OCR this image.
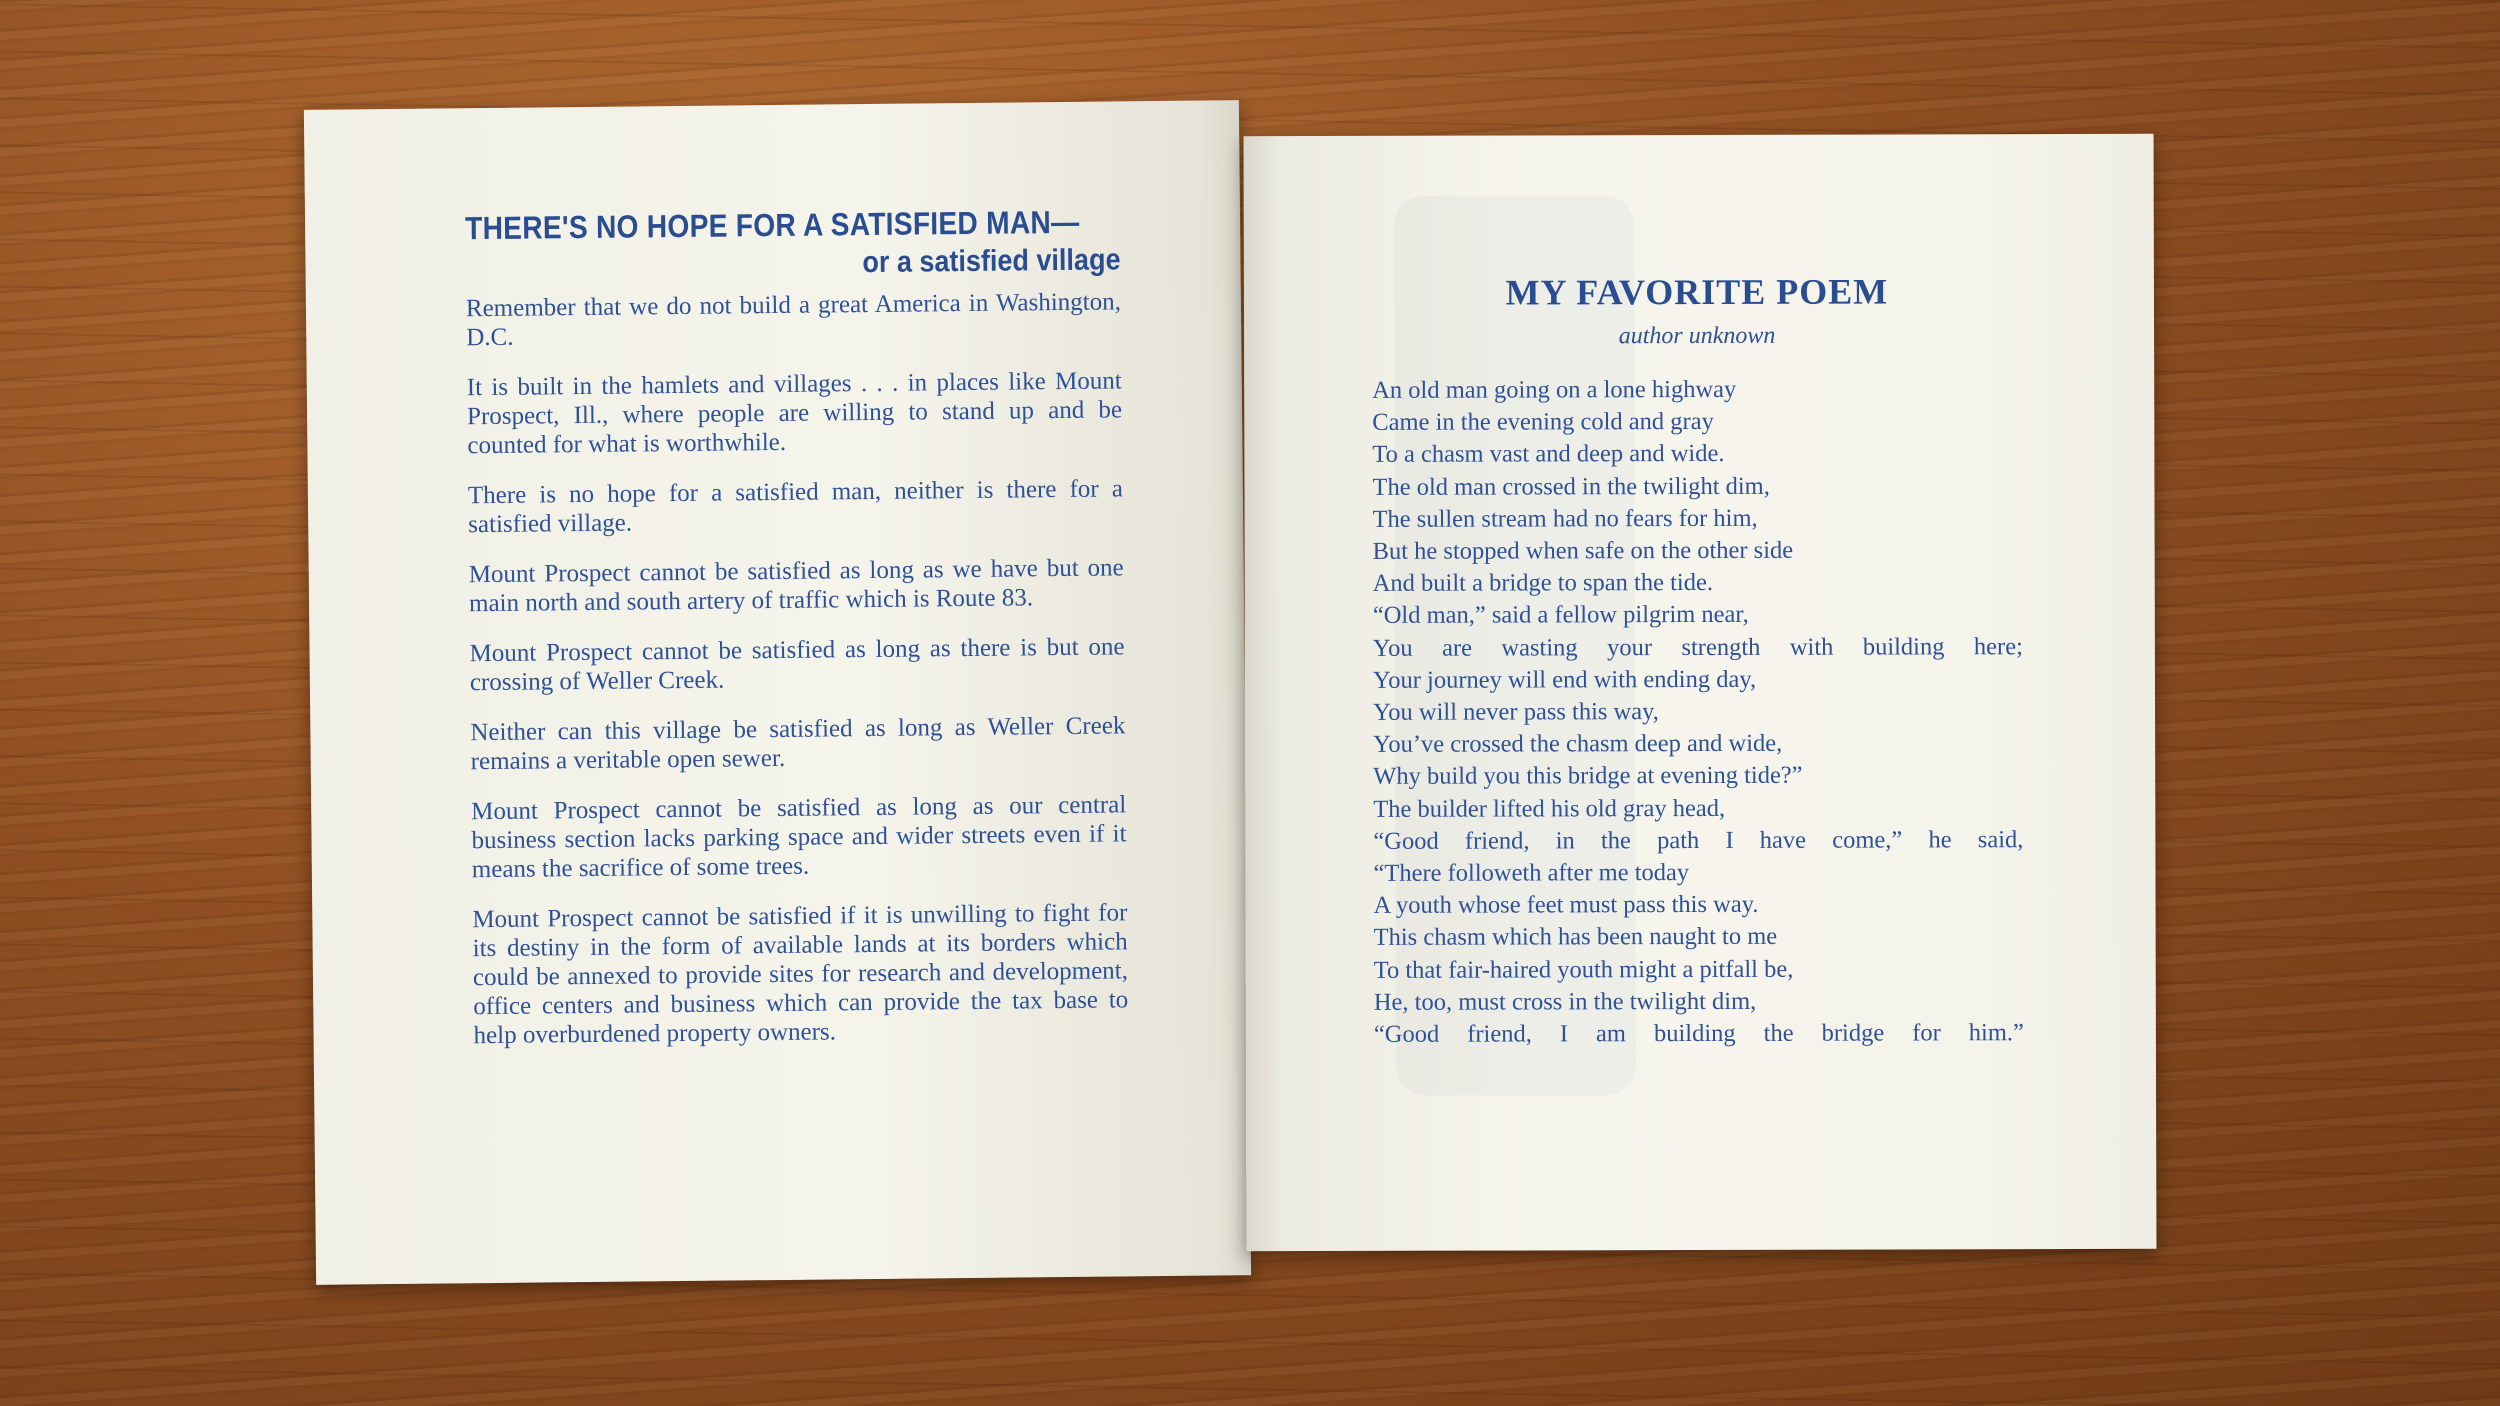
THERE'S NO HOPE FOR A SATISFIED MAN—
or a satisfied village

Remember that we do not build a great America in Washington, D.C.

It is built in the hamlets and villages . . . in places like Mount Prospect, Ill., where people are willing to stand up and be counted for what is worthwhile.

There is no hope for a satisfied man, neither is there for a satisfied village.

Mount Prospect cannot be satisfied as long as we have but one main north and south artery of traffic which is Route 83.

Mount Prospect cannot be satisfied as long as there is but one crossing of Weller Creek.

Neither can this village be satisfied as long as Weller Creek remains a veritable open sewer.

Mount Prospect cannot be satisfied as long as our central business section lacks parking space and wider streets even if it means the sacrifice of some trees.

Mount Prospect cannot be satisfied if it is unwilling to fight for its destiny in the form of available lands at its borders which could be annexed to provide sites for research and development, office centers and business which can provide the tax base to help overburdened property owners.

MY FAVORITE POEM
author unknown
An old man going on a lone highway
Came in the evening cold and gray
To a chasm vast and deep and wide.
The old man crossed in the twilight dim,
The sullen stream had no fears for him,
But he stopped when safe on the other side
And built a bridge to span the tide.
“Old man,” said a fellow pilgrim near,
You are wasting your strength with building here;
Your journey will end with ending day,
You will never pass this way,
You’ve crossed the chasm deep and wide,
Why build you this bridge at evening tide?”
The builder lifted his old gray head,
“Good friend, in the path I have come,” he said,
“There followeth after me today
A youth whose feet must pass this way.
This chasm which has been naught to me
To that fair-haired youth might a pitfall be,
He, too, must cross in the twilight dim,
“Good friend, I am building the bridge for him.”
